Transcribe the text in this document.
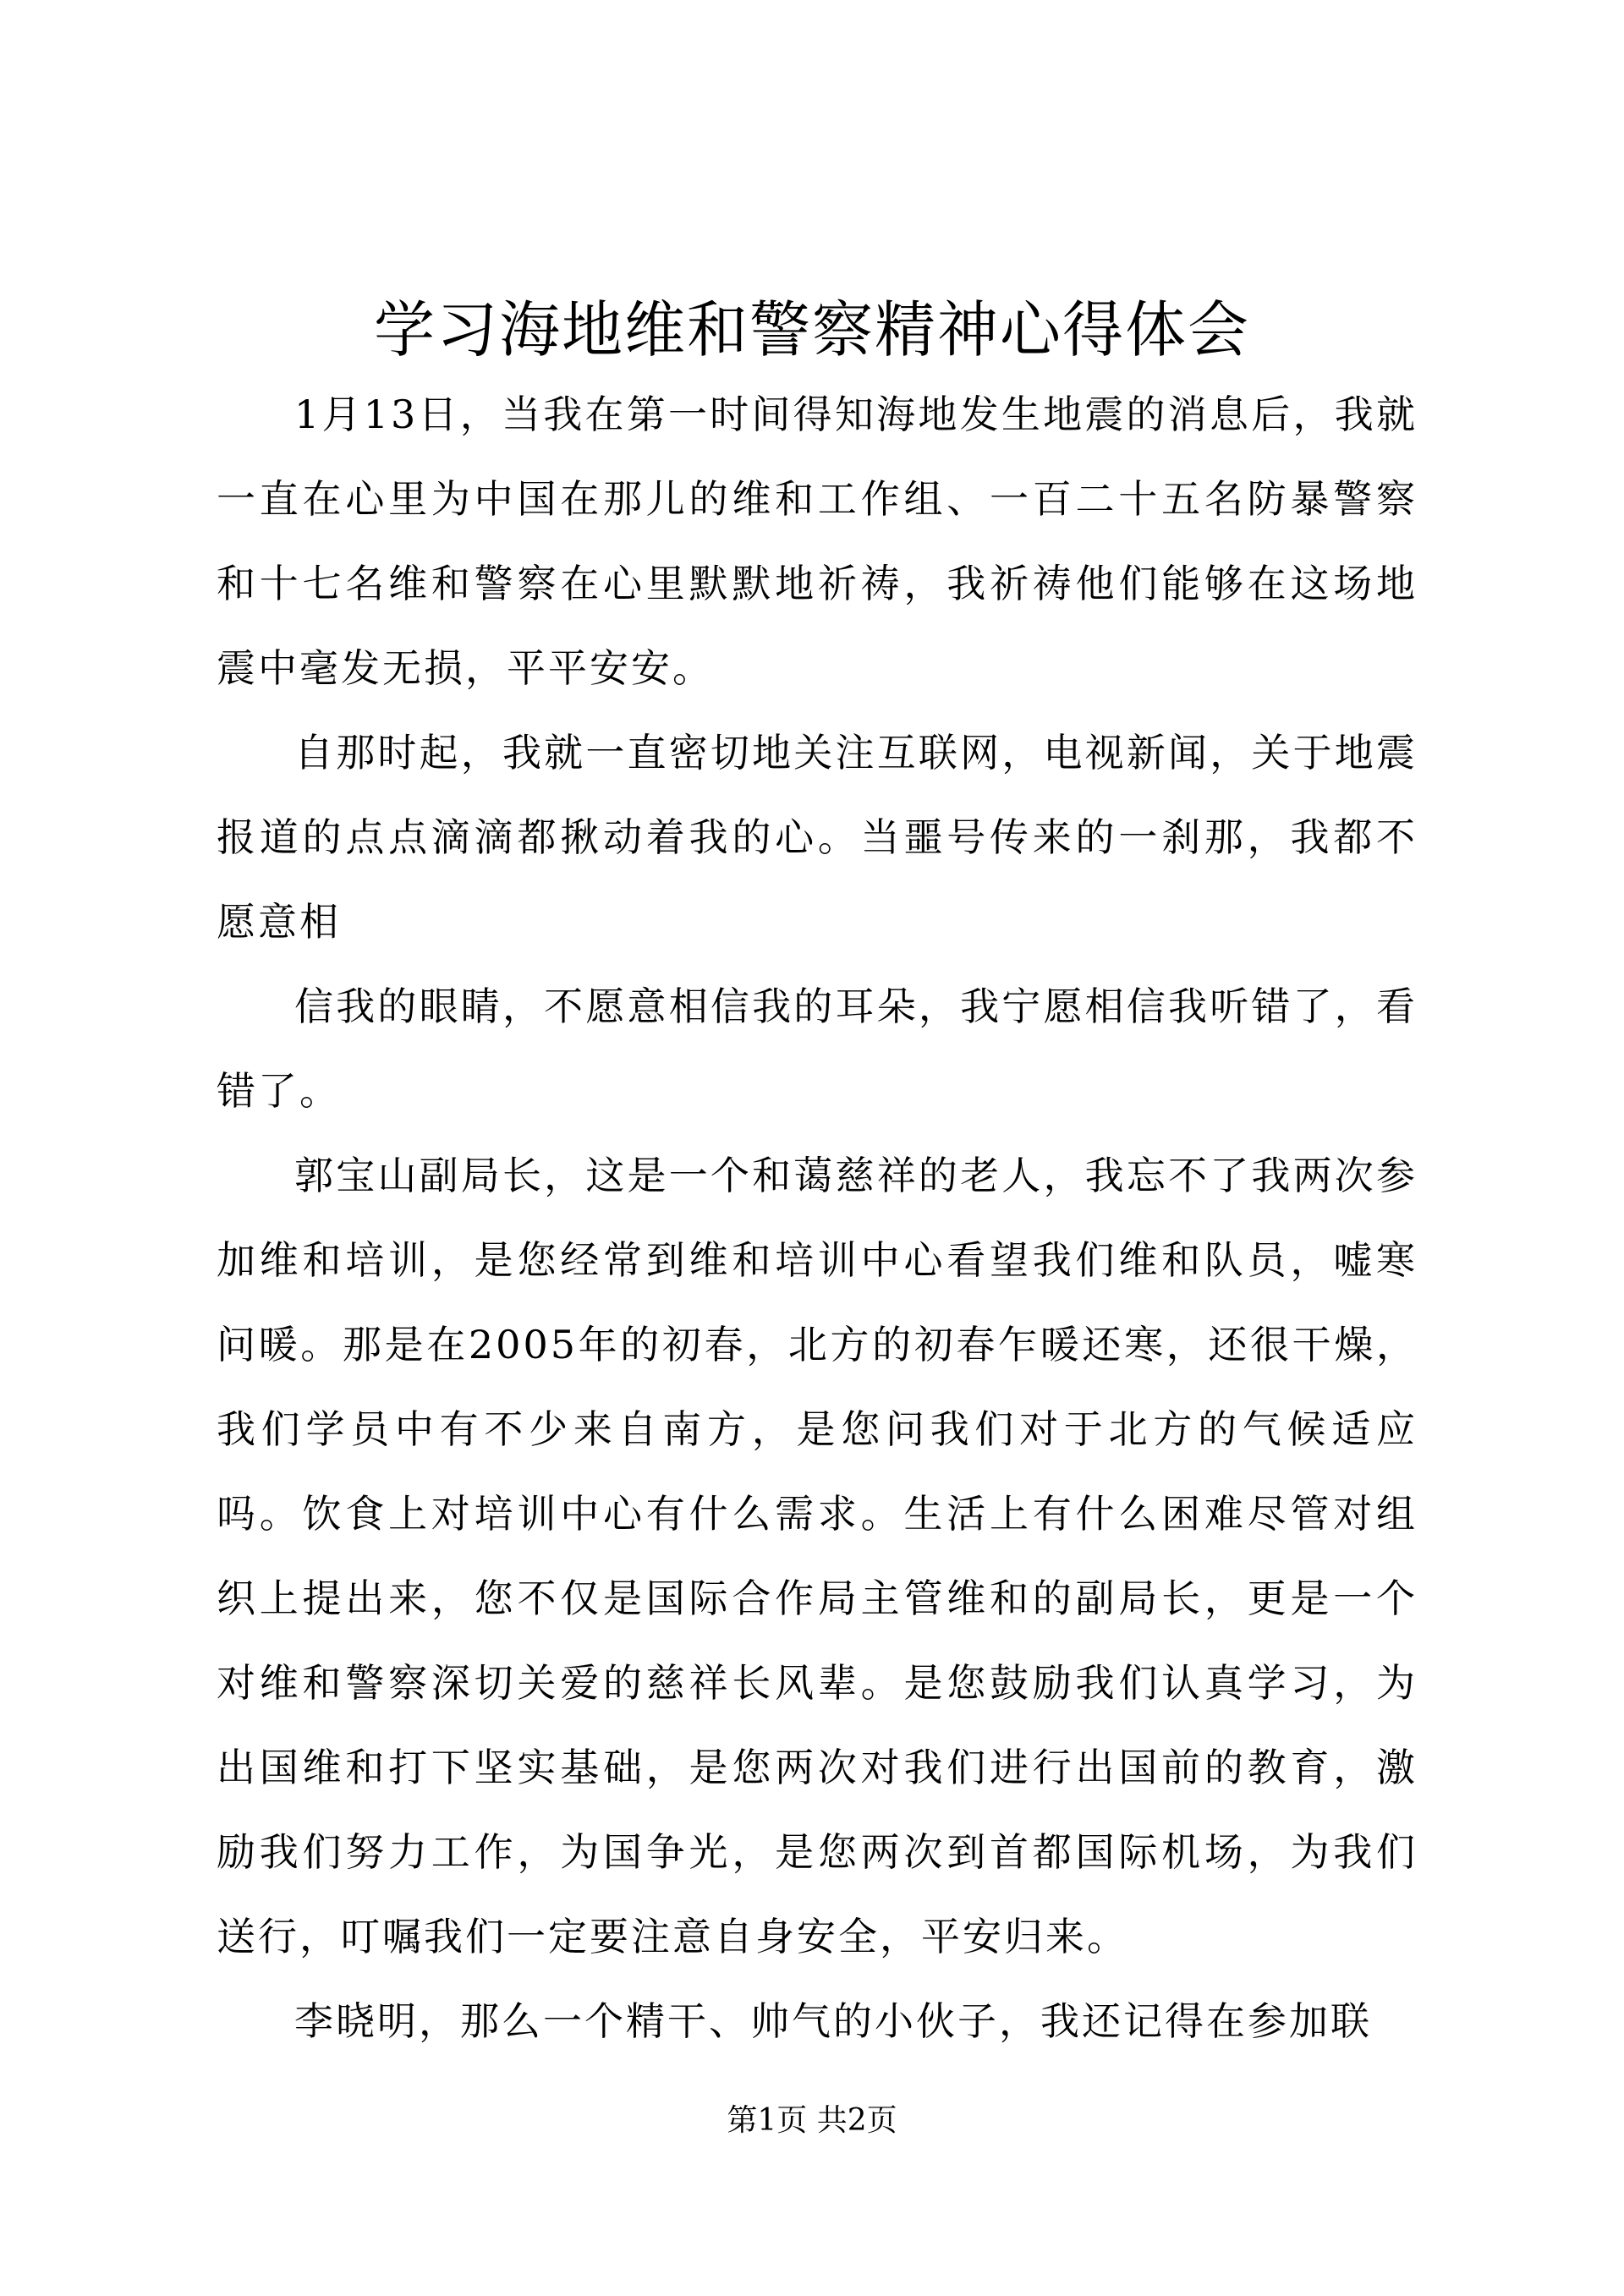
学习海地维和警察精神心得体会

1月13日，当我在第一时间得知海地发生地震的消息后，我就一直在心里为中国在那儿的维和工作组、一百二十五名防暴警察和十七名维和警察在心里默默地祈祷，我祈祷他们能够在这场地震中毫发无损，平平安安。

自那时起，我就一直密切地关注互联网，电视新闻，关于地震报道的点点滴滴都揪动着我的心。当噩号传来的一刹那，我都不愿意相

信我的眼睛，不愿意相信我的耳朵，我宁愿相信我听错了，看错了。

郭宝山副局长，这是一个和蔼慈祥的老人，我忘不了我两次参加维和培训，是您经常到维和培训中心看望我们维和队员，嘘寒问暖。那是在2005年的初春，北方的初春乍暖还寒，还很干燥，我们学员中有不少来自南方，是您问我们对于北方的气候适应吗。饮食上对培训中心有什么需求。生活上有什么困难尽管对组织上提出来，您不仅是国际合作局主管维和的副局长，更是一个对维和警察深切关爱的慈祥长风辈。是您鼓励我们认真学习，为出国维和打下坚实基础，是您两次对我们进行出国前的教育，激励我们努力工作，为国争光，是您两次到首都国际机场，为我们送行，叮嘱我们一定要注意自身安全，平安归来。

李晓明，那么一个精干、帅气的小伙子，我还记得在参加联

第1页 共2页
